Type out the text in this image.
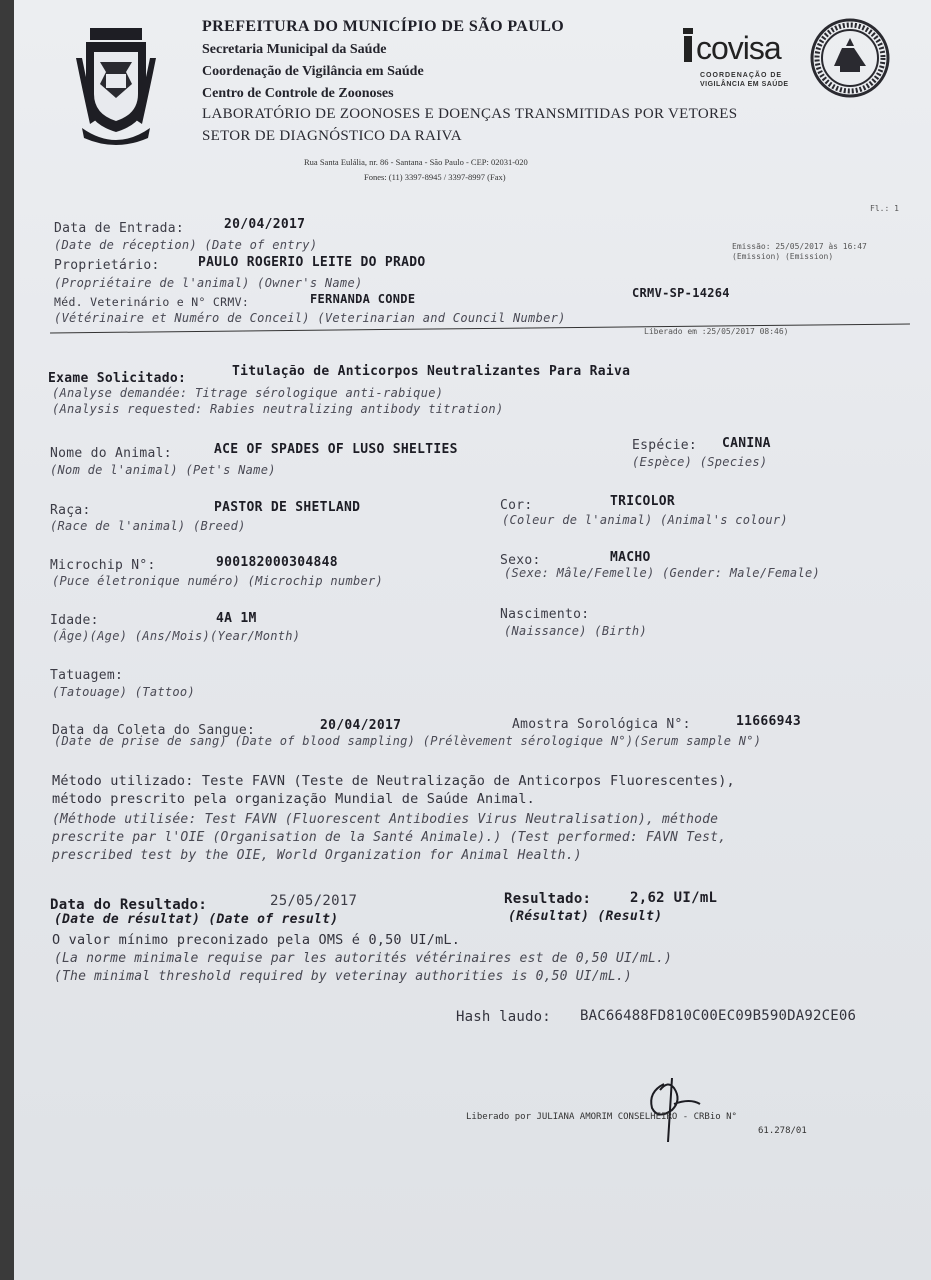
PREFEITURA DO MUNICÍPIO DE SÃO PAULO
Secretaria Municipal da Saúde
Coordenação de Vigilância em Saúde
Centro de Controle de Zoonoses
LABORATÓRIO DE ZOONOSES E DOENÇAS TRANSMITIDAS POR VETORES
SETOR DE DIAGNÓSTICO DA RAIVA
Rua Santa Eulália, nr. 86 - Santana - São Paulo - CEP: 02031-020
Fones: (11) 3397-8945 / 3397-8997 (Fax)
covisa
COORDENAÇÃO DE
VIGILÂNCIA EM SAÚDE
Fl.: 1
Emissão: 25/05/2017 às 16:47
(Emission) (Emission)
Data de Entrada:	20/04/2017
(Date de réception) (Date of entry)
Proprietário:	PAULO ROGERIO LEITE DO PRADO
(Propriétaire de l'animal) (Owner's Name)
Méd. Veterinário e N° CRMV:	FERNANDA CONDE	CRMV-SP-14264
(Vétérinaire et Numéro de Conceil) (Veterinarian and Council Number)
Liberado em :25/05/2017 08:46)
Exame Solicitado:	Titulação de Anticorpos Neutralizantes Para Raiva
(Analyse demandée: Titrage sérologique anti-rabique)
(Analysis requested: Rabies neutralizing antibody titration)
Nome do Animal:	ACE OF SPADES OF LUSO SHELTIES
(Nom de l'animal) (Pet's Name)
Espécie: CANINA
(Espèce) (Species)
Raça:	PASTOR DE SHETLAND
(Race de l'animal) (Breed)
Cor:	TRICOLOR
(Coleur de l'animal) (Animal's colour)
Microchip N°:	900182000304848
(Puce életronique numéro) (Microchip number)
Sexo:	MACHO
(Sexe: Mâle/Femelle) (Gender: Male/Female)
Idade:	4A 1M
(Âge)(Age) (Ans/Mois)(Year/Month)
Nascimento:
(Naissance) (Birth)
Tatuagem:
(Tatouage) (Tattoo)
Data da Coleta do Sangue:	20/04/2017	Amostra Sorológica N°:	11666943
(Date de prise de sang) (Date of blood sampling) (Prélèvement sérologique N°)(Serum sample N°)
Método utilizado: Teste FAVN (Teste de Neutralização de Anticorpos Fluorescentes),
método prescrito pela organização Mundial de Saúde Animal.
(Méthode utilisée: Test FAVN (Fluorescent Antibodies Virus Neutralisation), méthode
prescrite par l'OIE (Organisation de la Santé Animale).) (Test performed: FAVN Test,
prescribed test by the OIE, World Organization for Animal Health.)
Data do Resultado:	25/05/2017
(Date de résultat) (Date of result)
Resultado:	2,62 UI/mL
(Résultat) (Result)
O valor mínimo preconizado pela OMS é 0,50 UI/mL.
(La norme minimale requise par les autorités vétérinaires est de 0,50 UI/mL.)
(The minimal threshold required by veterinay authorities is 0,50 UI/mL.)
Hash laudo: BAC66488FD810C00EC09B590DA92CE06
Liberado por JULIANA AMORIM CONSELHEIRO - CRBio N°
61.278/01
